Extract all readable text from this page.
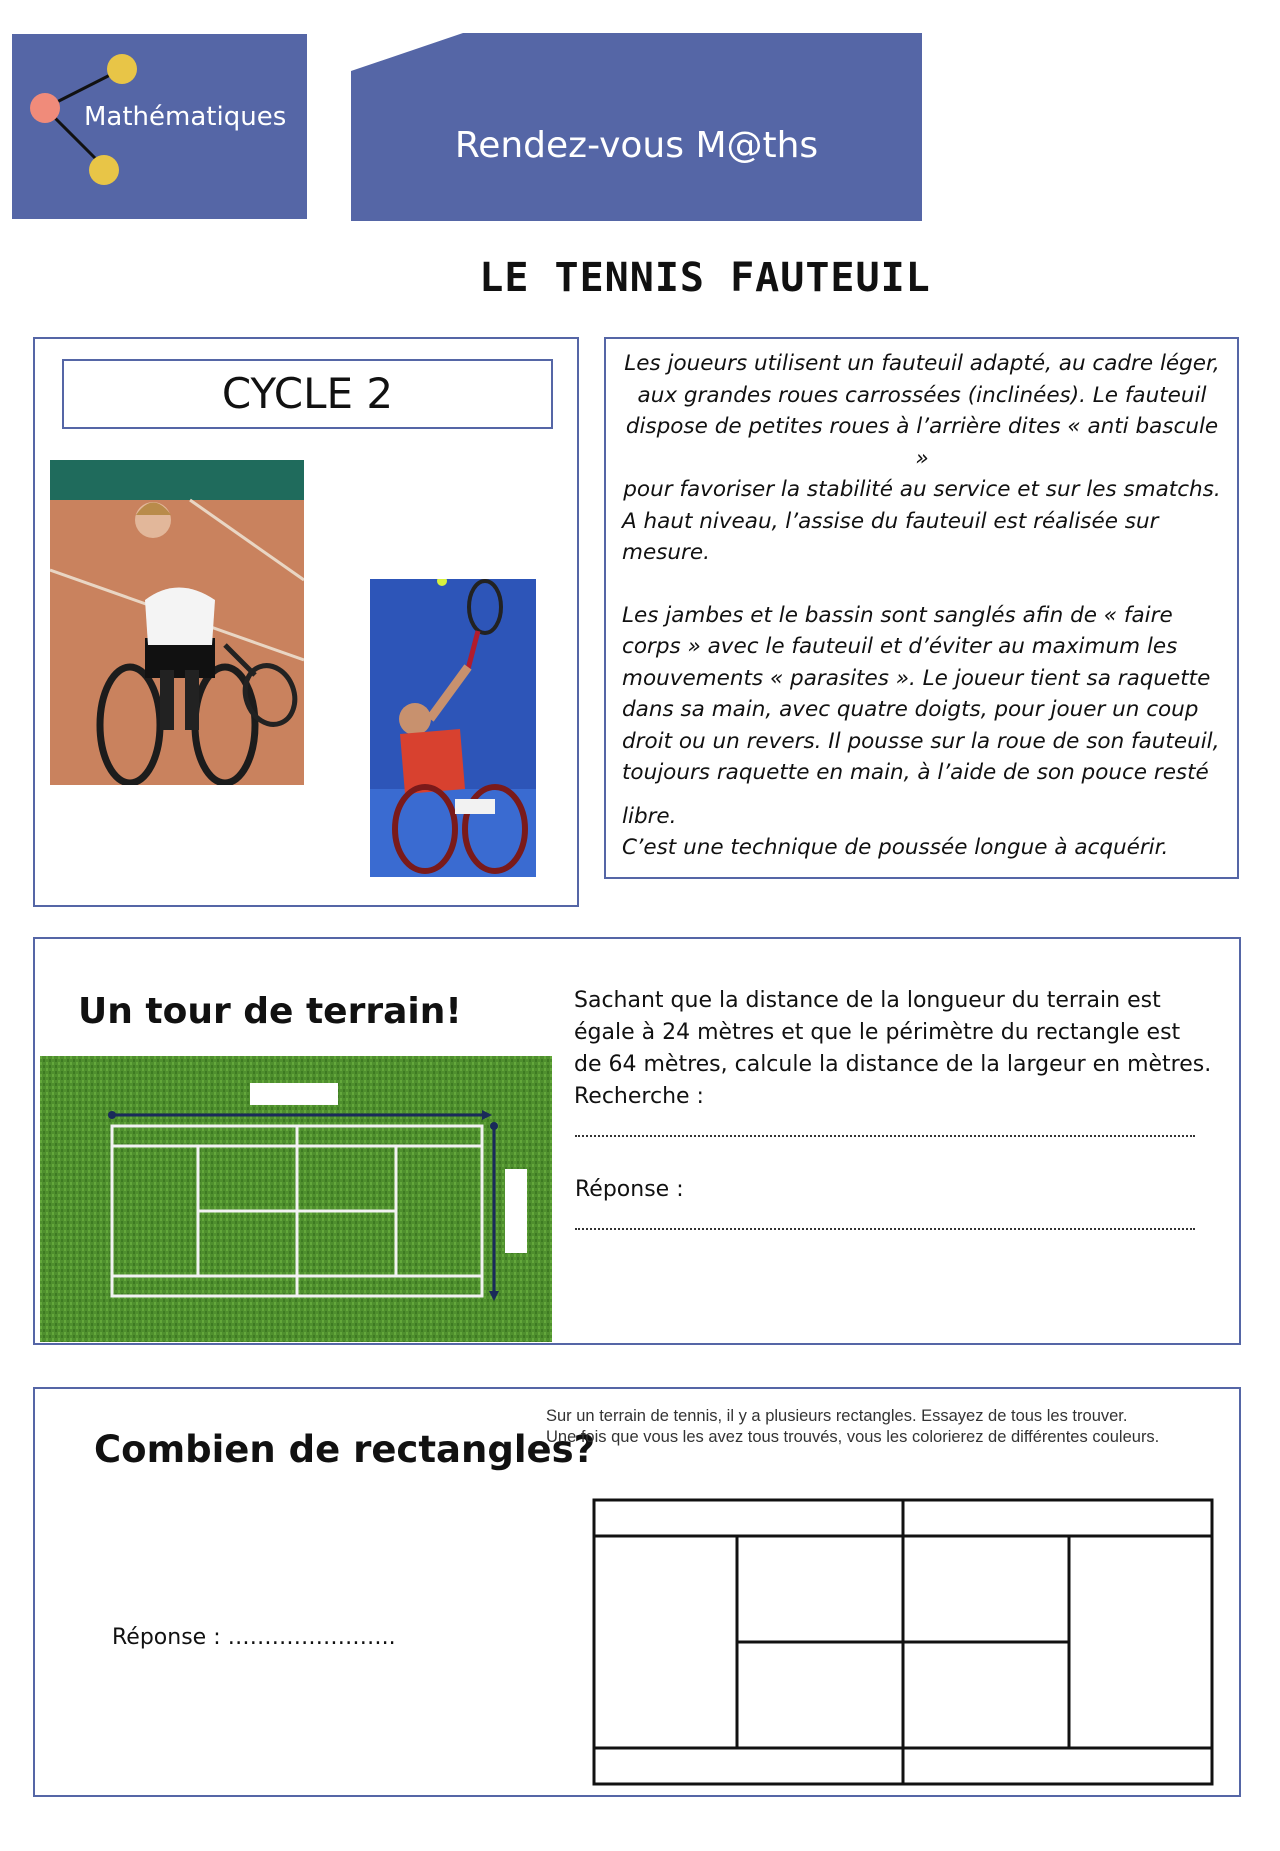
Mathématiques
Rendez-vous M@ths
LE TENNIS FAUTEUIL
CYCLE 2

Les joueurs utilisent un fauteuil adapté, au cadre léger,

aux grandes roues carrossées (inclinées). Le fauteuil

dispose de petites roues à l’arrière dites « anti bascule »

pour favoriser la stabilité au service et sur les smatchs.

A haut niveau, l’assise du fauteuil est réalisée sur mesure.

Les jambes et le bassin sont sanglés afin de « faire corps » avec le fauteuil et d’éviter au maximum les mouvements « parasites ». Le joueur tient sa raquette dans sa main, avec quatre doigts, pour jouer un coup droit ou un revers. Il pousse sur la roue de son fauteuil, toujours raquette en main, à l’aide de son pouce resté

libre.

C’est une technique de poussée longue à acquérir.

Un tour de terrain!	Sachant que la distance de la longueur du terrain est égale à 24 mètres et que le périmètre du rectangle est de 64 mètres, calcule la distance de la largeur en mètres.
Recherche :
Réponse :
Combien de rectangles?

Sur un terrain de tennis, il y a plusieurs rectangles. Essayez de tous les trouver.

Une fois que vous les avez tous trouvés, vous les colorierez de différentes couleurs.

Réponse : …………………..
